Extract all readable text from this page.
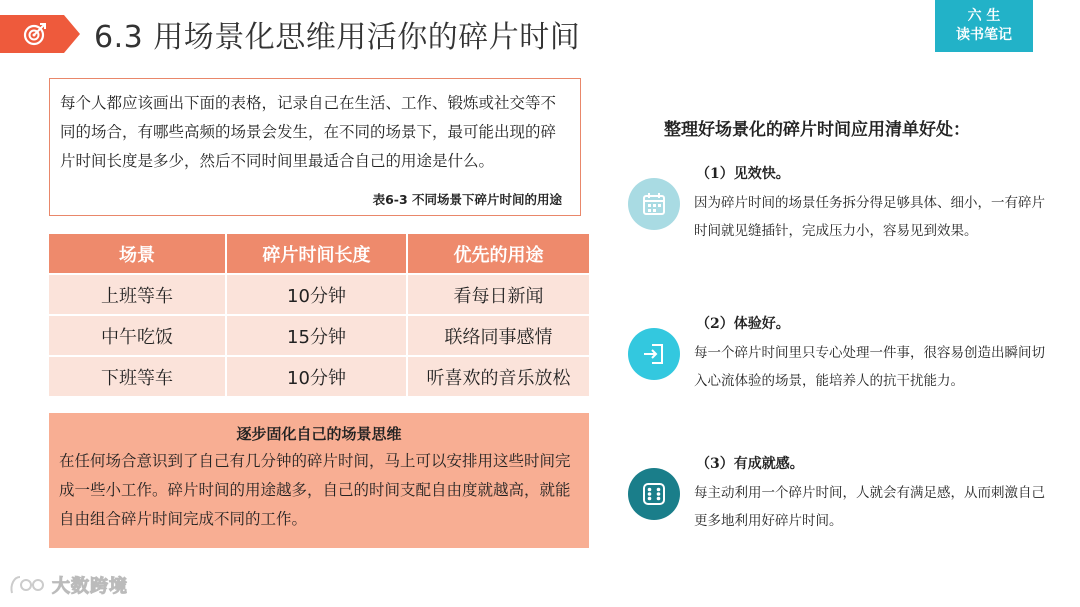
6.3 用场景化思维用活你的碎片时间
六 生
读书笔记
每个人都应该画出下面的表格，记录自己在生活、工作、锻炼或社交等不同的场合，有哪些高频的场景会发生，在不同的场景下，最可能出现的碎片时间长度是多少，然后不同时间里最适合自己的用途是什么。
表6-3 不同场景下碎片时间的用途
场景	碎片时间长度	优先的用途
上班等车	10分钟	看每日新闻
中午吃饭	15分钟	联络同事感情
下班等车	10分钟	听喜欢的音乐放松
逐步固化自己的场景思维
在任何场合意识到了自己有几分钟的碎片时间，马上可以安排用这些时间完成一些小工作。碎片时间的用途越多，自己的时间支配自由度就越高，就能自由组合碎片时间完成不同的工作。
整理好场景化的碎片时间应用清单好处：
（1）见效快。
因为碎片时间的场景任务拆分得足够具体、细小，一有碎片时间就见缝插针，完成压力小，容易见到效果。
（2）体验好。
每一个碎片时间里只专心处理一件事，很容易创造出瞬间切入心流体验的场景，能培养人的抗干扰能力。
（3）有成就感。
每主动利用一个碎片时间，人就会有满足感，从而刺激自己更多地利用好碎片时间。
大数跨境
